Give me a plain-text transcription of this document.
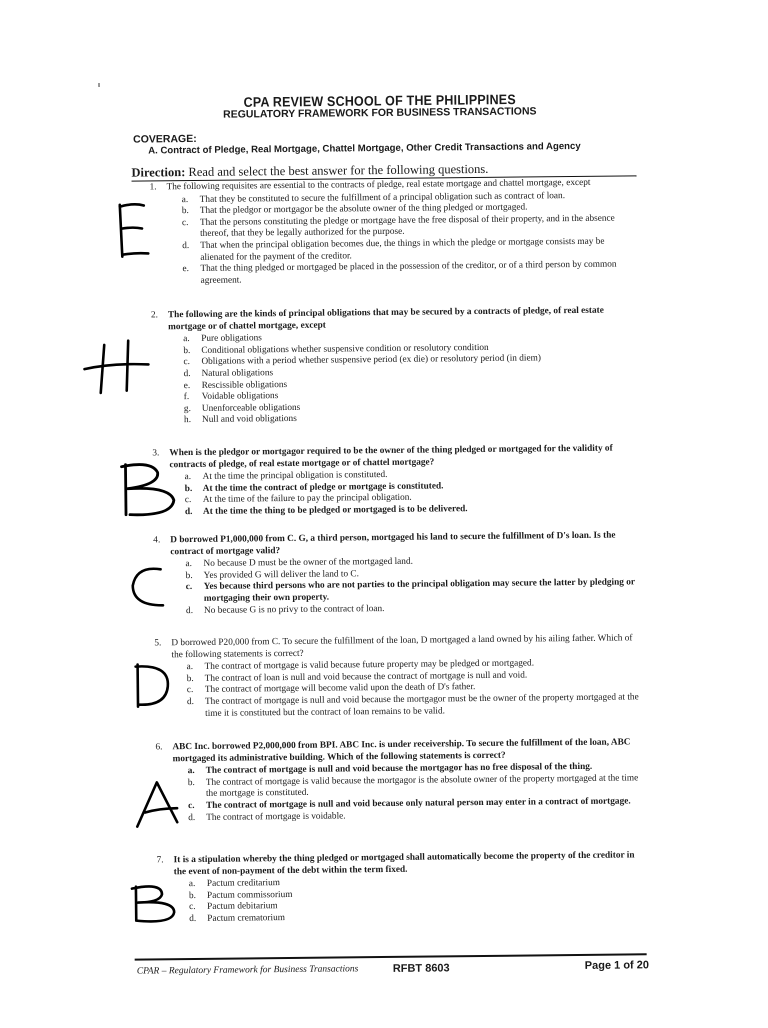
CPA REVIEW SCHOOL OF THE PHILIPPINES
REGULATORY FRAMEWORK FOR BUSINESS TRANSACTIONS
COVERAGE:
A. Contract of Pledge, Real Mortgage, Chattel Mortgage, Other Credit Transactions and Agency
Direction: Read and select the best answer for the following questions.
1. The following requisites are essential to the contracts of pledge, real estate mortgage and chattel mortgage, except
a. That they be constituted to secure the fulfillment of a principal obligation such as contract of loan.
b. That the pledgor or mortgagor be the absolute owner of the thing pledged or mortgaged.
c. That the persons constituting the pledge or mortgage have the free disposal of their property, and in the absence thereof, that they be legally authorized for the purpose.
d. That when the principal obligation becomes due, the things in which the pledge or mortgage consists may be alienated for the payment of the creditor.
e. That the thing pledged or mortgaged be placed in the possession of the creditor, or of a third person by common agreement.
2. The following are the kinds of principal obligations that may be secured by a contracts of pledge, of real estate mortgage or of chattel mortgage, except
a. Pure obligations
b. Conditional obligations whether suspensive condition or resolutory condition
c. Obligations with a period whether suspensive period (ex die) or resolutory period (in diem)
d. Natural obligations
e. Rescissible obligations
f. Voidable obligations
g. Unenforceable obligations
h. Null and void obligations
3. When is the pledgor or mortgagor required to be the owner of the thing pledged or mortgaged for the validity of contracts of pledge, of real estate mortgage or of chattel mortgage?
a. At the time the principal obligation is constituted.
b. At the time the contract of pledge or mortgage is constituted.
c. At the time of the failure to pay the principal obligation.
d. At the time the thing to be pledged or mortgaged is to be delivered.
4. D borrowed P1,000,000 from C. G, a third person, mortgaged his land to secure the fulfillment of D's loan. Is the contract of mortgage valid?
a. No because D must be the owner of the mortgaged land.
b. Yes provided G will deliver the land to C.
c. Yes because third persons who are not parties to the principal obligation may secure the latter by pledging or mortgaging their own property.
d. No because G is no privy to the contract of loan.
5. D borrowed P20,000 from C. To secure the fulfillment of the loan, D mortgaged a land owned by his ailing father. Which of the following statements is correct?
a. The contract of mortgage is valid because future property may be pledged or mortgaged.
b. The contract of loan is null and void because the contract of mortgage is null and void.
c. The contract of mortgage will become valid upon the death of D's father.
d. The contract of mortgage is null and void because the mortgagor must be the owner of the property mortgaged at the time it is constituted but the contract of loan remains to be valid.
6. ABC Inc. borrowed P2,000,000 from BPI. ABC Inc. is under receivership. To secure the fulfillment of the loan, ABC mortgaged its administrative building. Which of the following statements is correct?
a. The contract of mortgage is null and void because the mortgagor has no free disposal of the thing.
b. The contract of mortgage is valid because the mortgagor is the absolute owner of the property mortgaged at the time the mortgage is constituted.
c. The contract of mortgage is null and void because only natural person may enter in a contract of mortgage.
d. The contract of mortgage is voidable.
7. It is a stipulation whereby the thing pledged or mortgaged shall automatically become the property of the creditor in the event of non-payment of the debt within the term fixed.
a. Pactum creditarium
b. Pactum commissorium
c. Pactum debitarium
d. Pactum crematorium
CPAR – Regulatory Framework for Business Transactions	RFBT 8603	Page 1 of 20
